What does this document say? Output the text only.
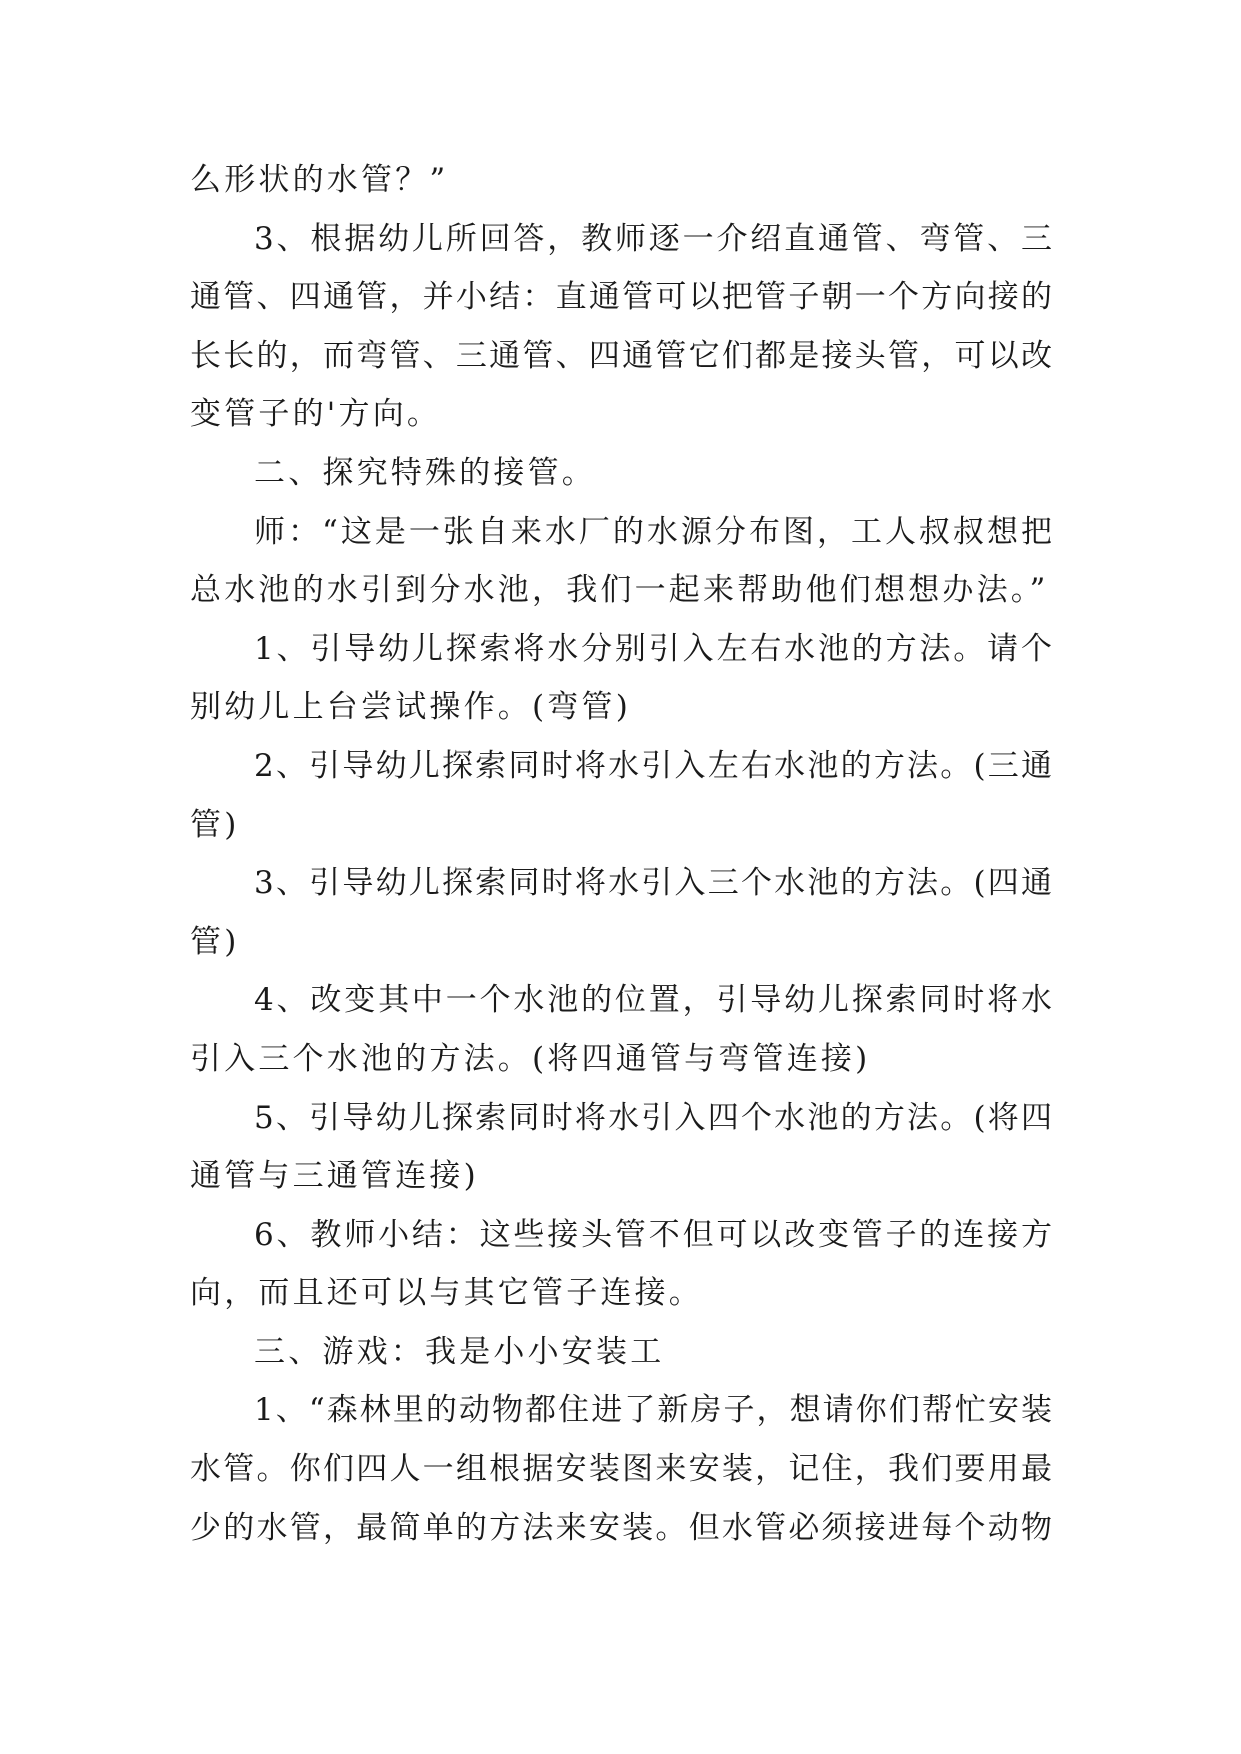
么形状的水管？”
3、根据幼儿所回答，教师逐一介绍直通管、弯管、三
通管、四通管，并小结：直通管可以把管子朝一个方向接的
长长的，而弯管、三通管、四通管它们都是接头管，可以改
变管子的'方向。
二、探究特殊的接管。
师：“这是一张自来水厂的水源分布图，工人叔叔想把
总水池的水引到分水池，我们一起来帮助他们想想办法。”
1、引导幼儿探索将水分别引入左右水池的方法。请个
别幼儿上台尝试操作。(弯管)
2、引导幼儿探索同时将水引入左右水池的方法。(三通
管)
3、引导幼儿探索同时将水引入三个水池的方法。(四通
管)
4、改变其中一个水池的位置，引导幼儿探索同时将水
引入三个水池的方法。(将四通管与弯管连接)
5、引导幼儿探索同时将水引入四个水池的方法。(将四
通管与三通管连接)
6、教师小结：这些接头管不但可以改变管子的连接方
向，而且还可以与其它管子连接。
三、游戏：我是小小安装工
1、“森林里的动物都住进了新房子，想请你们帮忙安装
水管。你们四人一组根据安装图来安装，记住，我们要用最
少的水管，最简单的方法来安装。但水管必须接进每个动物
